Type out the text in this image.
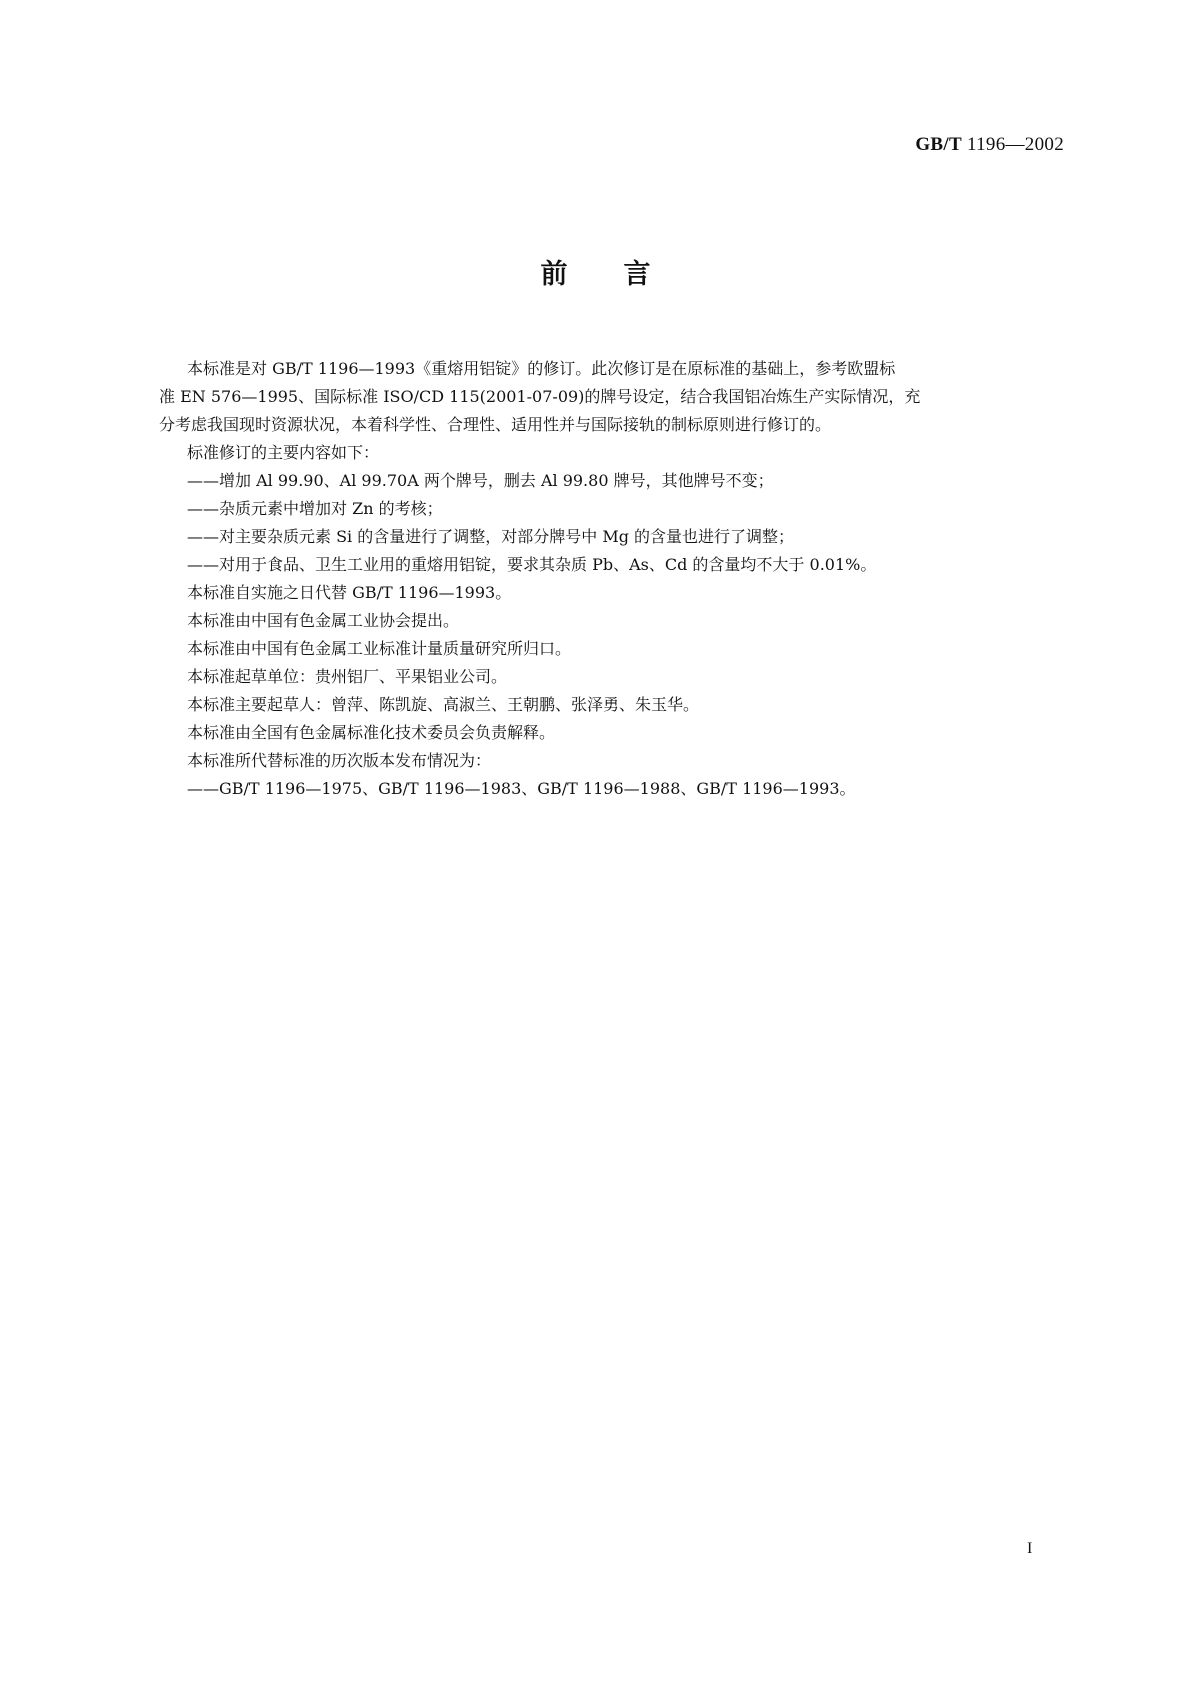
GB/T 1196—2002
前言

本标准是对 GB/T 1196—1993《重熔用铝锭》的修订。此次修订是在原标准的基础上，参考欧盟标

准 EN 576—1995、国际标准 ISO/CD 115(2001-07-09)的牌号设定，结合我国铝冶炼生产实际情况，充

分考虑我国现时资源状况，本着科学性、合理性、适用性并与国际接轨的制标原则进行修订的。

标准修订的主要内容如下：

——增加 Al 99.90、Al 99.70A 两个牌号，删去 Al 99.80 牌号，其他牌号不变；

——杂质元素中增加对 Zn 的考核；

——对主要杂质元素 Si 的含量进行了调整，对部分牌号中 Mg 的含量也进行了调整；

——对用于食品、卫生工业用的重熔用铝锭，要求其杂质 Pb、As、Cd 的含量均不大于 0.01%。

本标准自实施之日代替 GB/T 1196—1993。

本标准由中国有色金属工业协会提出。

本标准由中国有色金属工业标准计量质量研究所归口。

本标准起草单位：贵州铝厂、平果铝业公司。

本标准主要起草人：曾萍、陈凯旋、高淑兰、王朝鹏、张泽勇、朱玉华。

本标准由全国有色金属标准化技术委员会负责解释。

本标准所代替标准的历次版本发布情况为：

——GB/T 1196—1975、GB/T 1196—1983、GB/T 1196—1988、GB/T 1196—1993。

I
